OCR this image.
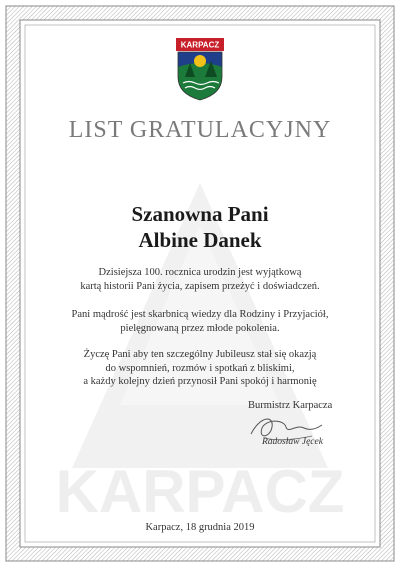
KARPACZ
KARPACZ
LIST GRATULACYJNY
Szanowna Pani
Albine Danek
Dzisiejsza 100. rocznica urodzin jest wyjątkową
kartą historii Pani życia, zapisem przeżyć i doświadczeń.
Pani mądrość jest skarbnicą wiedzy dla Rodziny i Przyjaciół,
pielęgnowaną przez młode pokolenia.
Życzę Pani aby ten szczególny Jubileusz stał się okazją
do wspomnień, rozmów i spotkań z bliskimi,
a każdy kolejny dzień przynosił Pani spokój i harmonię
Burmistrz Karpacza
Radosław Jęcek
Karpacz, 18 grudnia 2019
